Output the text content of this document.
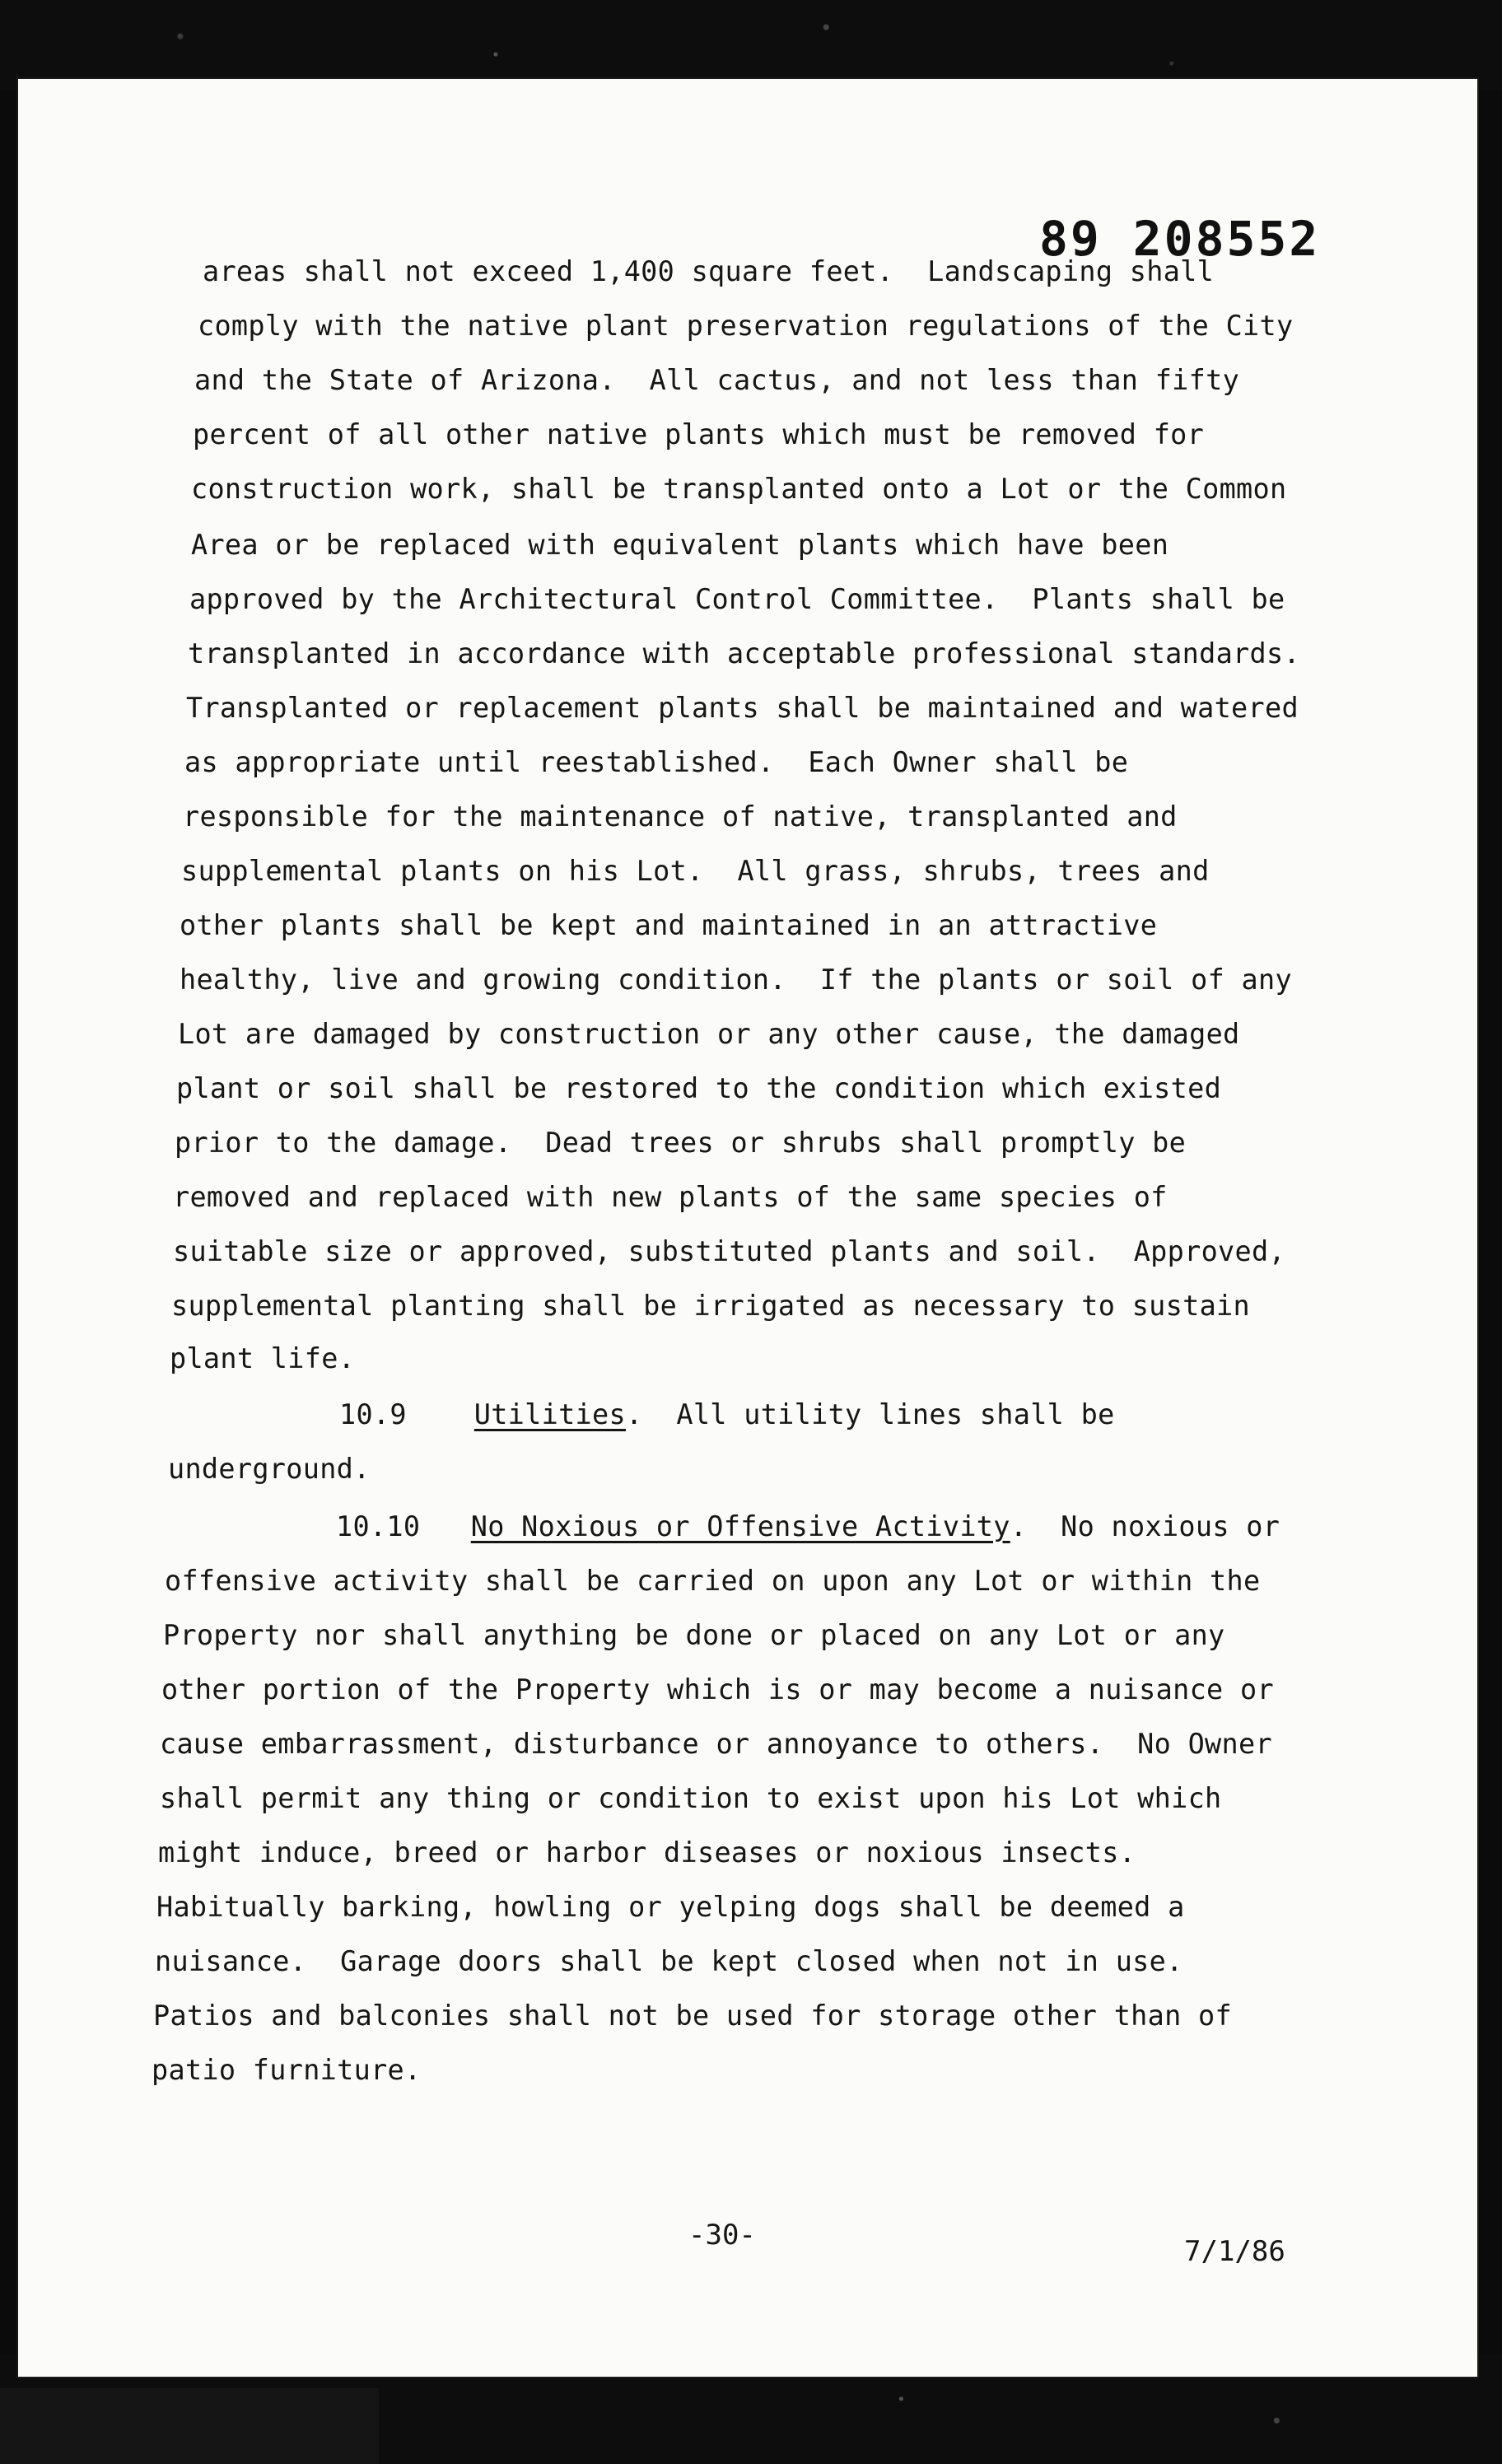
89 208552
areas shall not exceed 1,400 square feet.  Landscaping shall
comply with the native plant preservation regulations of the City
and the State of Arizona.  All cactus, and not less than fifty
percent of all other native plants which must be removed for
construction work, shall be transplanted onto a Lot or the Common
Area or be replaced with equivalent plants which have been
approved by the Architectural Control Committee.  Plants shall be
transplanted in accordance with acceptable professional standards.
Transplanted or replacement plants shall be maintained and watered
as appropriate until reestablished.  Each Owner shall be
responsible for the maintenance of native, transplanted and
supplemental plants on his Lot.  All grass, shrubs, trees and
other plants shall be kept and maintained in an attractive
healthy, live and growing condition.  If the plants or soil of any
Lot are damaged by construction or any other cause, the damaged
plant or soil shall be restored to the condition which existed
prior to the damage.  Dead trees or shrubs shall promptly be
removed and replaced with new plants of the same species of
suitable size or approved, substituted plants and soil.  Approved,
supplemental planting shall be irrigated as necessary to sustain
plant life.
10.9 Utilities.  All utility lines shall be
underground.
10.10 No Noxious or Offensive Activity.  No noxious or
offensive activity shall be carried on upon any Lot or within the
Property nor shall anything be done or placed on any Lot or any
other portion of the Property which is or may become a nuisance or
cause embarrassment, disturbance or annoyance to others.  No Owner
shall permit any thing or condition to exist upon his Lot which
might induce, breed or harbor diseases or noxious insects.
Habitually barking, howling or yelping dogs shall be deemed a
nuisance.  Garage doors shall be kept closed when not in use.
Patios and balconies shall not be used for storage other than of
patio furniture.
-30-	7/1/86
